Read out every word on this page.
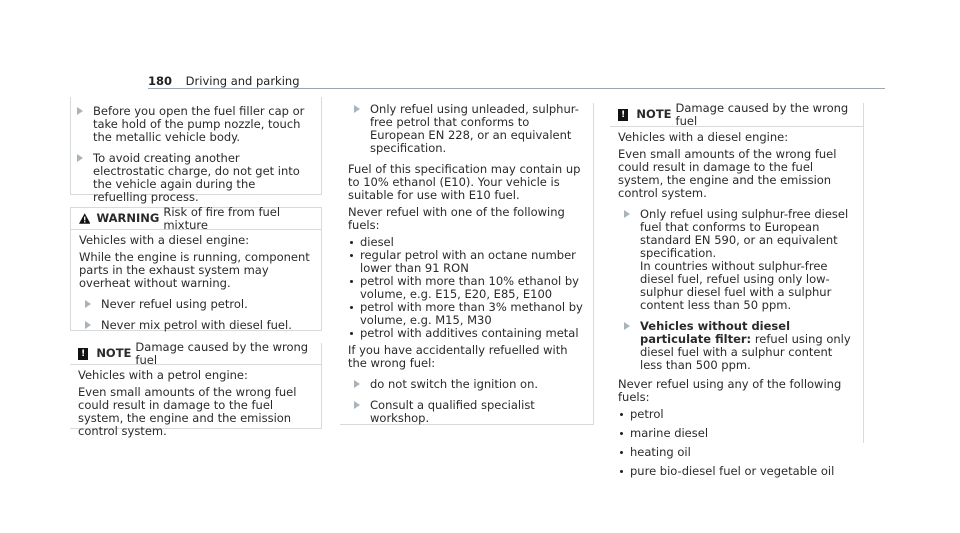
180 Driving and parking
Before you open the fuel filler cap or take hold of the pump nozzle, touch the metallic vehicle body.
To avoid creating another electrostatic charge, do not get into the vehicle again during the refuelling process.
WARNING Risk of fire from fuel mixture

Vehicles with a diesel engine:

While the engine is running, component parts in the exhaust system may overheat without warning.

Never refuel using petrol.
Never mix petrol with diesel fuel.
! NOTE Damage caused by the wrong fuel

Vehicles with a petrol engine:

Even small amounts of the wrong fuel could result in damage to the fuel system, the engine and the emission control system.

Only refuel using unleaded, sulphur-free petrol that conforms to European EN 228, or an equivalent specification.

Fuel of this specification may contain up to 10% ethanol (E10). Your vehicle is suitable for use with E10 fuel.

Never refuel with one of the following fuels:

diesel
regular petrol with an octane number lower than 91 RON
petrol with more than 10% ethanol by volume, e.g. E15, E20, E85, E100
petrol with more than 3% methanol by volume, e.g. M15, M30
petrol with additives containing metal

If you have accidentally refuelled with the wrong fuel:

do not switch the ignition on.
Consult a qualified specialist workshop.
! NOTE Damage caused by the wrong fuel

Vehicles with a diesel engine:

Even small amounts of the wrong fuel could result in damage to the fuel system, the engine and the emission control system.

Only refuel using sulphur-free diesel fuel that conforms to European standard EN 590, or an equivalent specification.
In countries without sulphur-free diesel fuel, refuel using only low-sulphur diesel fuel with a sulphur content less than 50 ppm.
Vehicles without diesel particulate filter: refuel using only diesel fuel with a sulphur content less than 500 ppm.

Never refuel using any of the following fuels:

petrol
marine diesel
heating oil
pure bio-diesel fuel or vegetable oil
